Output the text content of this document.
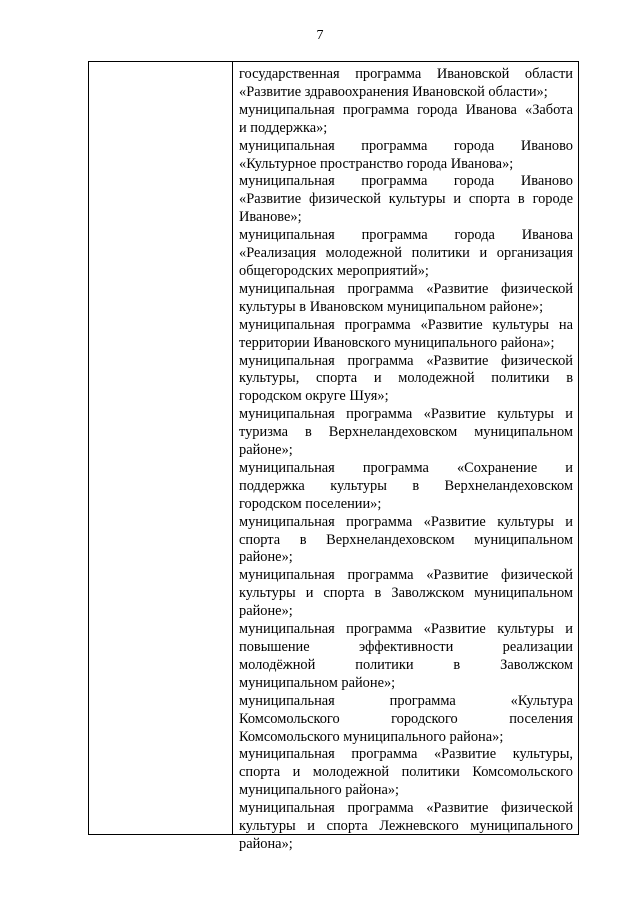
7
государственная программа Ивановской области
«Развитие здравоохранения Ивановской области»;
муниципальная программа города Иванова «Забота
и поддержка»;
муниципальная программа города Иваново
«Культурное пространство города Иванова»;
муниципальная программа города Иваново
«Развитие физической культуры и спорта в городе
Иванове»;
муниципальная программа города Иванова
«Реализация молодежной политики и организация
общегородских мероприятий»;
муниципальная программа «Развитие физической
культуры в Ивановском муниципальном районе»;
муниципальная программа «Развитие культуры на
территории Ивановского муниципального района»;
муниципальная программа «Развитие физической
культуры, спорта и молодежной политики в
городском округе Шуя»;
муниципальная программа «Развитие культуры и
туризма в Верхнеландеховском муниципальном
районе»;
муниципальная программа «Сохранение и
поддержка культуры в Верхнеландеховском
городском поселении»;
муниципальная программа «Развитие культуры и
спорта в Верхнеландеховском муниципальном
районе»;
муниципальная программа «Развитие физической
культуры и спорта в Заволжском муниципальном
районе»;
муниципальная программа «Развитие культуры и
повышение эффективности реализации
молодёжной политики в Заволжском
муниципальном районе»;
муниципальная программа «Культура
Комсомольского городского поселения
Комсомольского муниципального района»;
муниципальная программа «Развитие культуры,
спорта и молодежной политики Комсомольского
муниципального района»;
муниципальная программа «Развитие физической
культуры и спорта Лежневского муниципального
района»;
